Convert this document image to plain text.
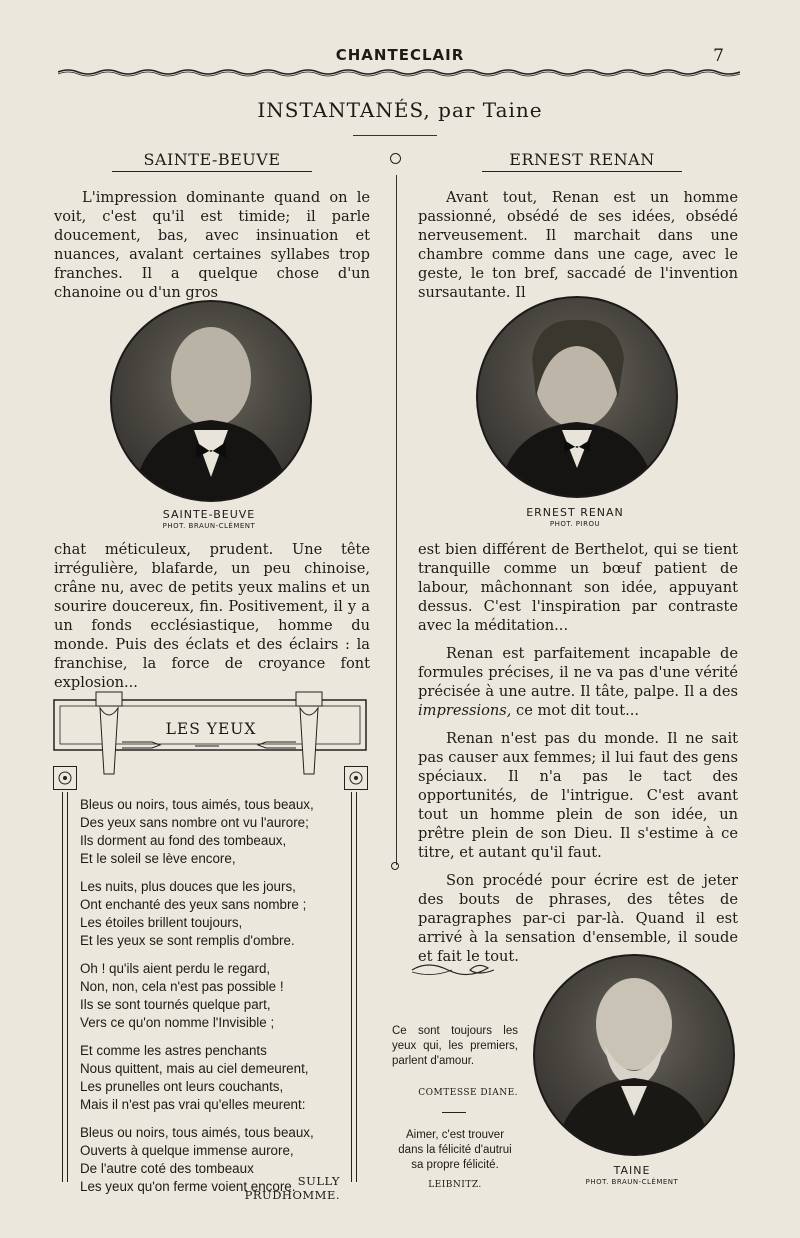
CHANTECLAIR	7
INSTANTANÉS, par Taine
SAINTE-BEUVE	ERNEST RENAN

L'impression dominante quand on le voit, c'est qu'il est timide; il parle doucement, bas, avec insinuation et nuances, avalant certaines syllabes trop franches. Il a quelque chose d'un chanoine ou d'un gros

SAINTE-BEUVE
PHOT. BRAUN-CLÉMENT

chat méticuleux, prudent. Une tête irrégulière, blafarde, un peu chinoise, crâne nu, avec de petits yeux malins et un sourire doucereux, fin. Positivement, il y a un fonds ecclésiastique, homme du monde. Puis des éclats et des éclairs : la franchise, la force de croyance font explosion...

LES YEUX
Bleus ou noirs, tous aimés, tous beaux,
Des yeux sans nombre ont vu l'aurore;
Ils dorment au fond des tombeaux,
Et le soleil se lève encore,
Les nuits, plus douces que les jours,
Ont enchanté des yeux sans nombre ;
Les étoiles brillent toujours,
Et les yeux se sont remplis d'ombre.
Oh ! qu'ils aient perdu le regard,
Non, non, cela n'est pas possible !
Ils se sont tournés quelque part,
Vers ce qu'on nomme l'Invisible ;
Et comme les astres penchants
Nous quittent, mais au ciel demeurent,
Les prunelles ont leurs couchants,
Mais il n'est pas vrai qu'elles meurent:
Bleus ou noirs, tous aimés, tous beaux,
Ouverts à quelque immense aurore,
De l'autre coté des tombeaux
Les yeux qu'on ferme voient encore. SULLY PRUDHOMME.

Avant tout, Renan est un homme passionné, obsédé de ses idées, obsédé nerveusement. Il marchait dans une chambre comme dans une cage, avec le geste, le ton bref, saccadé de l'invention sursautante. Il

ERNEST RENAN
PHOT. PIROU

est bien différent de Berthelot, qui se tient tranquille comme un bœuf patient de labour, mâchonnant son idée, appuyant dessus. C'est l'inspiration par contraste avec la méditation...

Renan est parfaitement incapable de formules précises, il ne va pas d'une vérité précisée à une autre. Il tâte, palpe. Il a des impressions, ce mot dit tout...

Renan n'est pas du monde. Il ne sait pas causer aux femmes; il lui faut des gens spéciaux. Il n'a pas le tact des opportunités, de l'intrigue. C'est avant tout un homme plein de son idée, un prêtre plein de son Dieu. Il s'estime à ce titre, et autant qu'il faut.

Son procédé pour écrire est de jeter des bouts de phrases, des têtes de paragraphes par-ci par-là. Quand il est arrivé à la sensation d'ensemble, il soude et fait le tout.

Ce sont toujours les yeux qui, les premiers, parlent d'amour.
COMTESSE DIANE.
Aimer, c'est trouver dans la félicité d'autrui sa propre félicité.
LEIBNITZ.
TAINE
PHOT. BRAUN-CLÉMENT
